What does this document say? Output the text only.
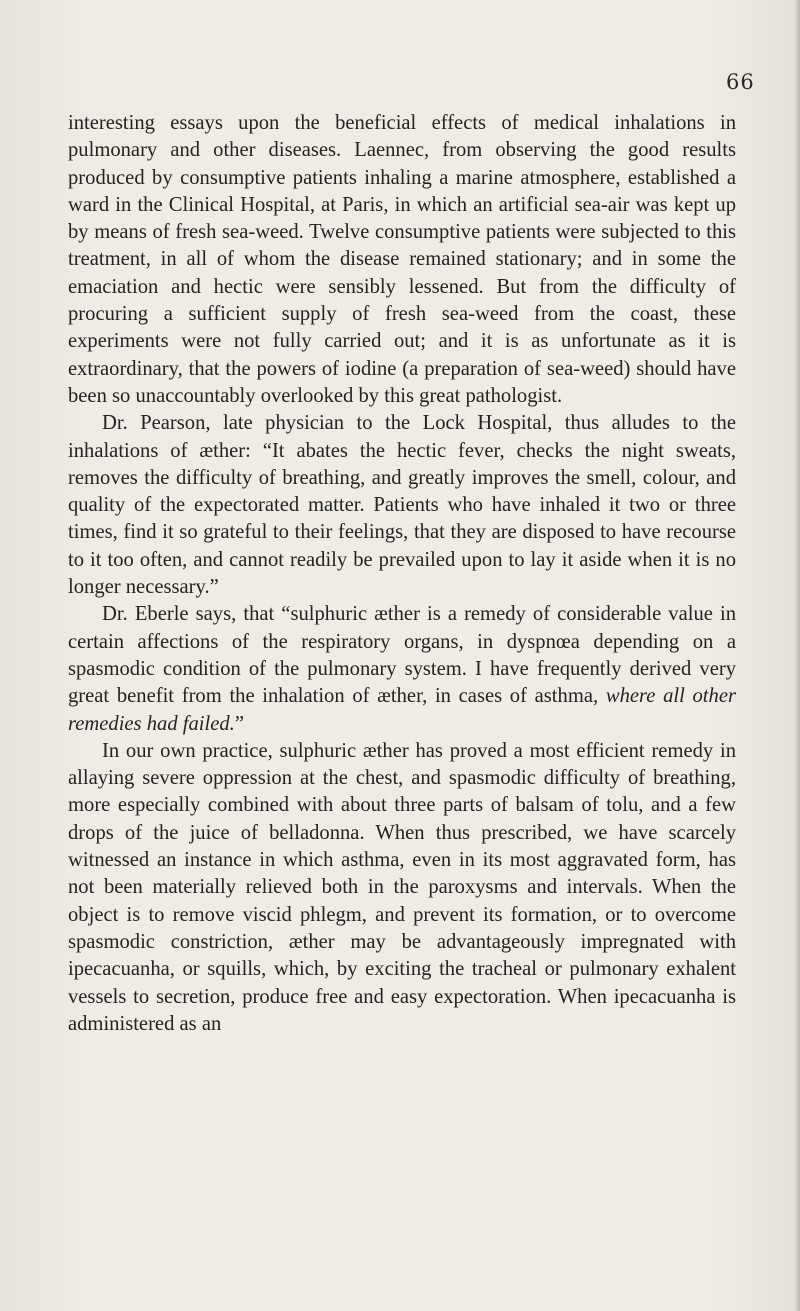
66

interesting essays upon the beneficial effects of medical inhalations in pulmonary and other diseases. Laennec, from observing the good results produced by consumptive patients inhaling a marine atmosphere, established a ward in the Clinical Hospital, at Paris, in which an artificial sea-air was kept up by means of fresh sea-weed. Twelve consumptive patients were subjected to this treatment, in all of whom the disease remained stationary; and in some the emaciation and hectic were sensibly lessened. But from the difficulty of procuring a sufficient supply of fresh sea-weed from the coast, these experiments were not fully carried out; and it is as unfortunate as it is extraordinary, that the powers of iodine (a preparation of sea-weed) should have been so unaccountably overlooked by this great pathologist.

Dr. Pearson, late physician to the Lock Hospital, thus alludes to the inhalations of æther: “It abates the hectic fever, checks the night sweats, removes the difficulty of breathing, and greatly improves the smell, colour, and quality of the expectorated matter. Patients who have inhaled it two or three times, find it so grateful to their feelings, that they are disposed to have recourse to it too often, and cannot readily be prevailed upon to lay it aside when it is no longer necessary.”

Dr. Eberle says, that “sulphuric æther is a remedy of considerable value in certain affections of the respiratory organs, in dyspnœa depending on a spasmodic condition of the pulmonary system. I have frequently derived very great benefit from the inhalation of æther, in cases of asthma, where all other remedies had failed.”

In our own practice, sulphuric æther has proved a most efficient remedy in allaying severe oppression at the chest, and spasmodic difficulty of breathing, more especially combined with about three parts of balsam of tolu, and a few drops of the juice of belladonna. When thus prescribed, we have scarcely witnessed an instance in which asthma, even in its most aggravated form, has not been materially relieved both in the paroxysms and intervals. When the object is to remove viscid phlegm, and prevent its formation, or to overcome spasmodic constriction, æther may be advantageously impregnated with ipecacuanha, or squills, which, by exciting the tracheal or pulmonary exhalent vessels to secretion, produce free and easy expectoration. When ipecacuanha is administered as an
